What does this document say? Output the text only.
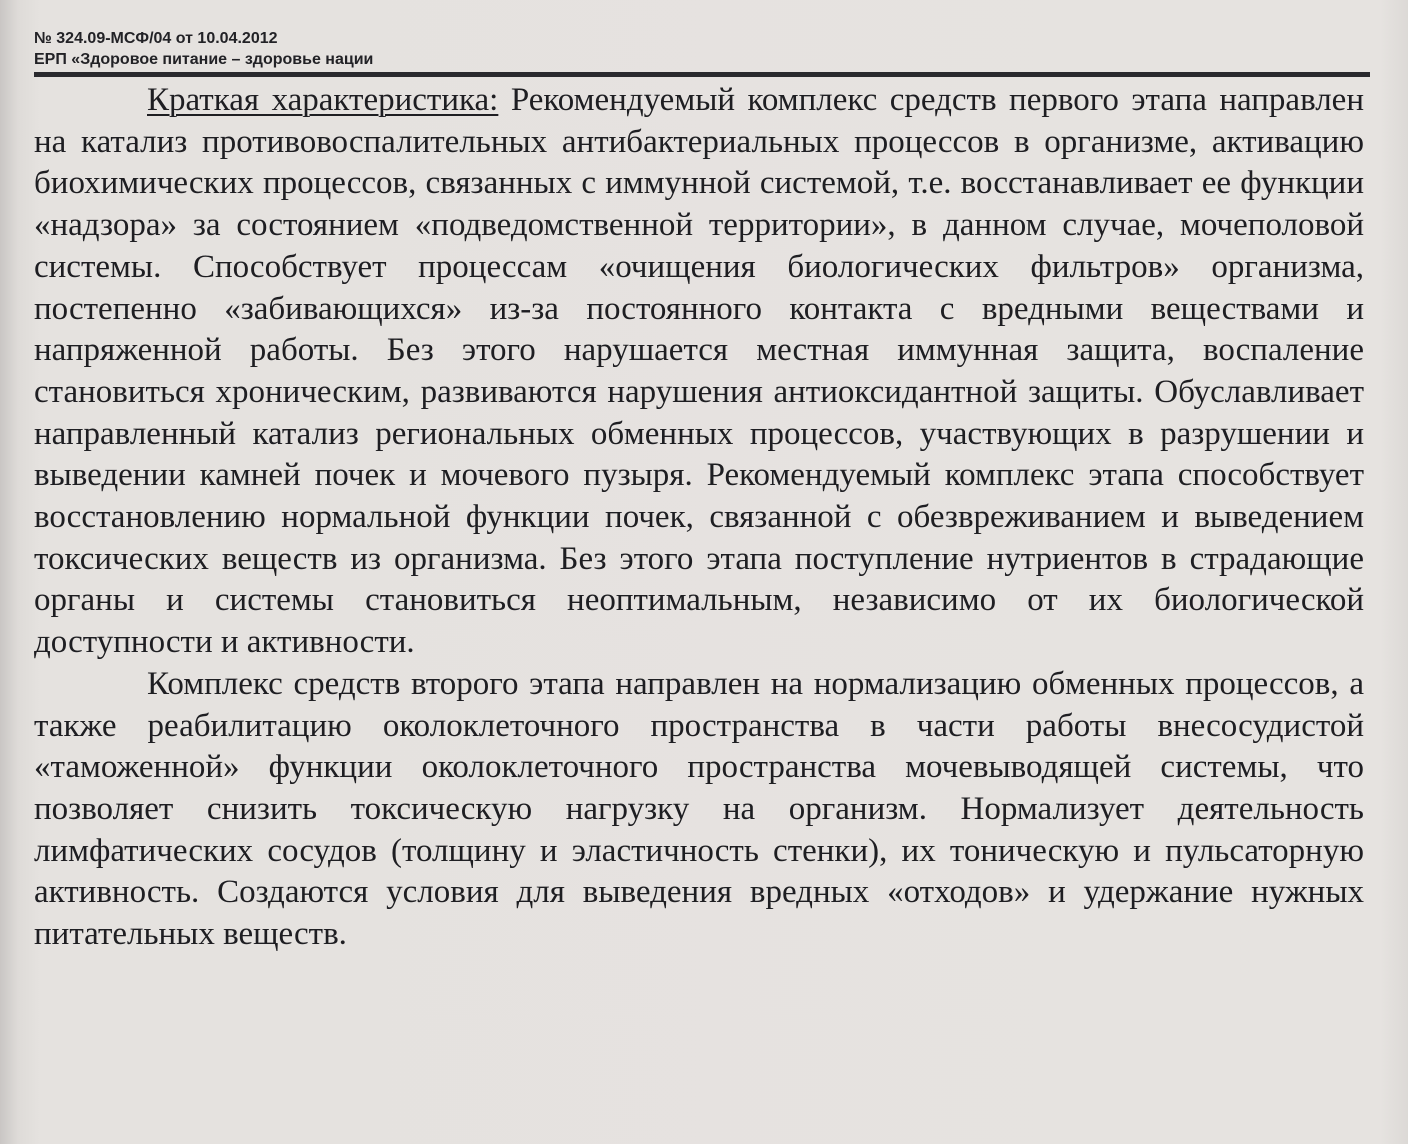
№ 324.09-МСФ/04 от 10.04.2012
ЕРП «Здоровое питание – здоровье нации

Краткая характеристика: Рекомендуемый комплекс средств первого этапа направлен на катализ противовоспалительных антибактериальных процессов в организме, активацию биохимических процессов, связанных с иммунной системой, т.е. восстанавливает ее функции «надзора» за состоянием «подведомственной территории», в данном случае, мочеполовой системы. Способствует процессам «очищения биологических фильтров» организма, постепенно «забивающихся» из-за постоянного контакта с вредными веществами и напряженной работы. Без этого нарушается местная иммунная защита, воспаление становиться хроническим, развиваются нарушения антиоксидантной защиты. Обуславливает направленный катализ региональных обменных процессов, участвующих в разрушении и выведении камней почек и мочевого пузыря. Рекомендуемый комплекс этапа способствует восстановлению нормальной функции почек, связанной с обезвреживанием и выведением токсических веществ из организма. Без этого этапа поступление нутриентов в страдающие органы и системы становиться неоптимальным, независимо от их биологической доступности и активности.

Комплекс средств второго этапа направлен на нормализацию обменных процессов, а также реабилитацию околоклеточного пространства в части работы внесосудистой «таможенной» функции околоклеточного пространства мочевыводящей системы, что позволяет снизить токсическую нагрузку на организм. Нормализует деятельность лимфатических сосудов (толщину и эластичность стенки), их тоническую и пульсаторную активность. Создаются условия для выведения вредных «отходов» и удержание нужных питательных веществ.
